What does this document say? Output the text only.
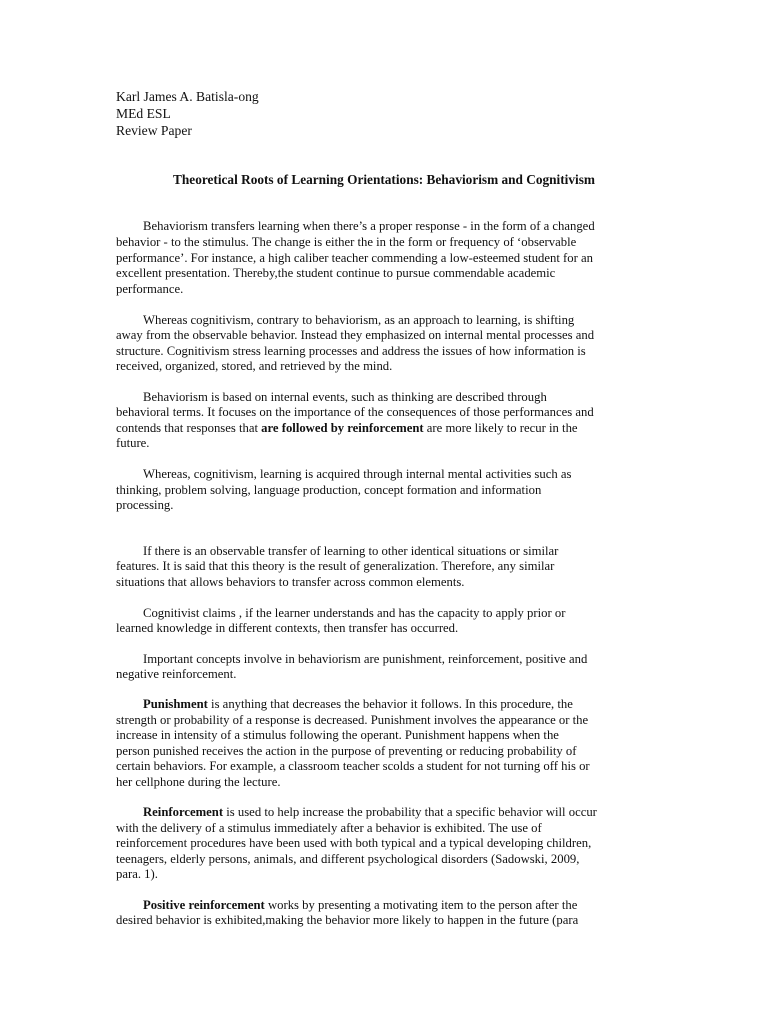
Karl James A. Batisla-ong
MEd ESL
Review Paper
Theoretical Roots of Learning Orientations: Behaviorism and Cognitivism
Behaviorism transfers learning when there’s a proper response - in the form of a changed
behavior - to the stimulus. The change is either the in the form or frequency of ‘observable
performance’. For instance, a high caliber teacher commending a low-esteemed student for an
excellent presentation. Thereby,the student continue to pursue commendable academic
performance.
Whereas cognitivism, contrary to behaviorism, as an approach to learning, is shifting
away from the observable behavior. Instead they emphasized on internal mental processes and
structure. Cognitivism stress learning processes and address the issues of how information is
received, organized, stored, and retrieved by the mind.
Behaviorism is based on internal events, such as thinking are described through
behavioral terms. It focuses on the importance of the consequences of those performances and
contends that responses that are followed by reinforcement are more likely to recur in the
future.
Whereas, cognitivism, learning is acquired through internal mental activities such as
thinking, problem solving, language production, concept formation and information
processing.
If there is an observable transfer of learning to other identical situations or similar
features. It is said that this theory is the result of generalization. Therefore, any similar
situations that allows behaviors to transfer across common elements.
Cognitivist claims , if the learner understands and has the capacity to apply prior or
learned knowledge in different contexts, then transfer has occurred.
Important concepts involve in behaviorism are punishment, reinforcement, positive and
negative reinforcement.
Punishment is anything that decreases the behavior it follows. In this procedure, the
strength or probability of a response is decreased. Punishment involves the appearance or the
increase in intensity of a stimulus following the operant. Punishment happens when the
person punished receives the action in the purpose of preventing or reducing probability of
certain behaviors. For example, a classroom teacher scolds a student for not turning off his or
her cellphone during the lecture.
Reinforcement is used to help increase the probability that a specific behavior will occur
with the delivery of a stimulus immediately after a behavior is exhibited. The use of
reinforcement procedures have been used with both typical and a typical developing children,
teenagers, elderly persons, animals, and different psychological disorders (Sadowski, 2009,
para. 1).
Positive reinforcement works by presenting a motivating item to the person after the
desired behavior is exhibited,making the behavior more likely to happen in the future (para
